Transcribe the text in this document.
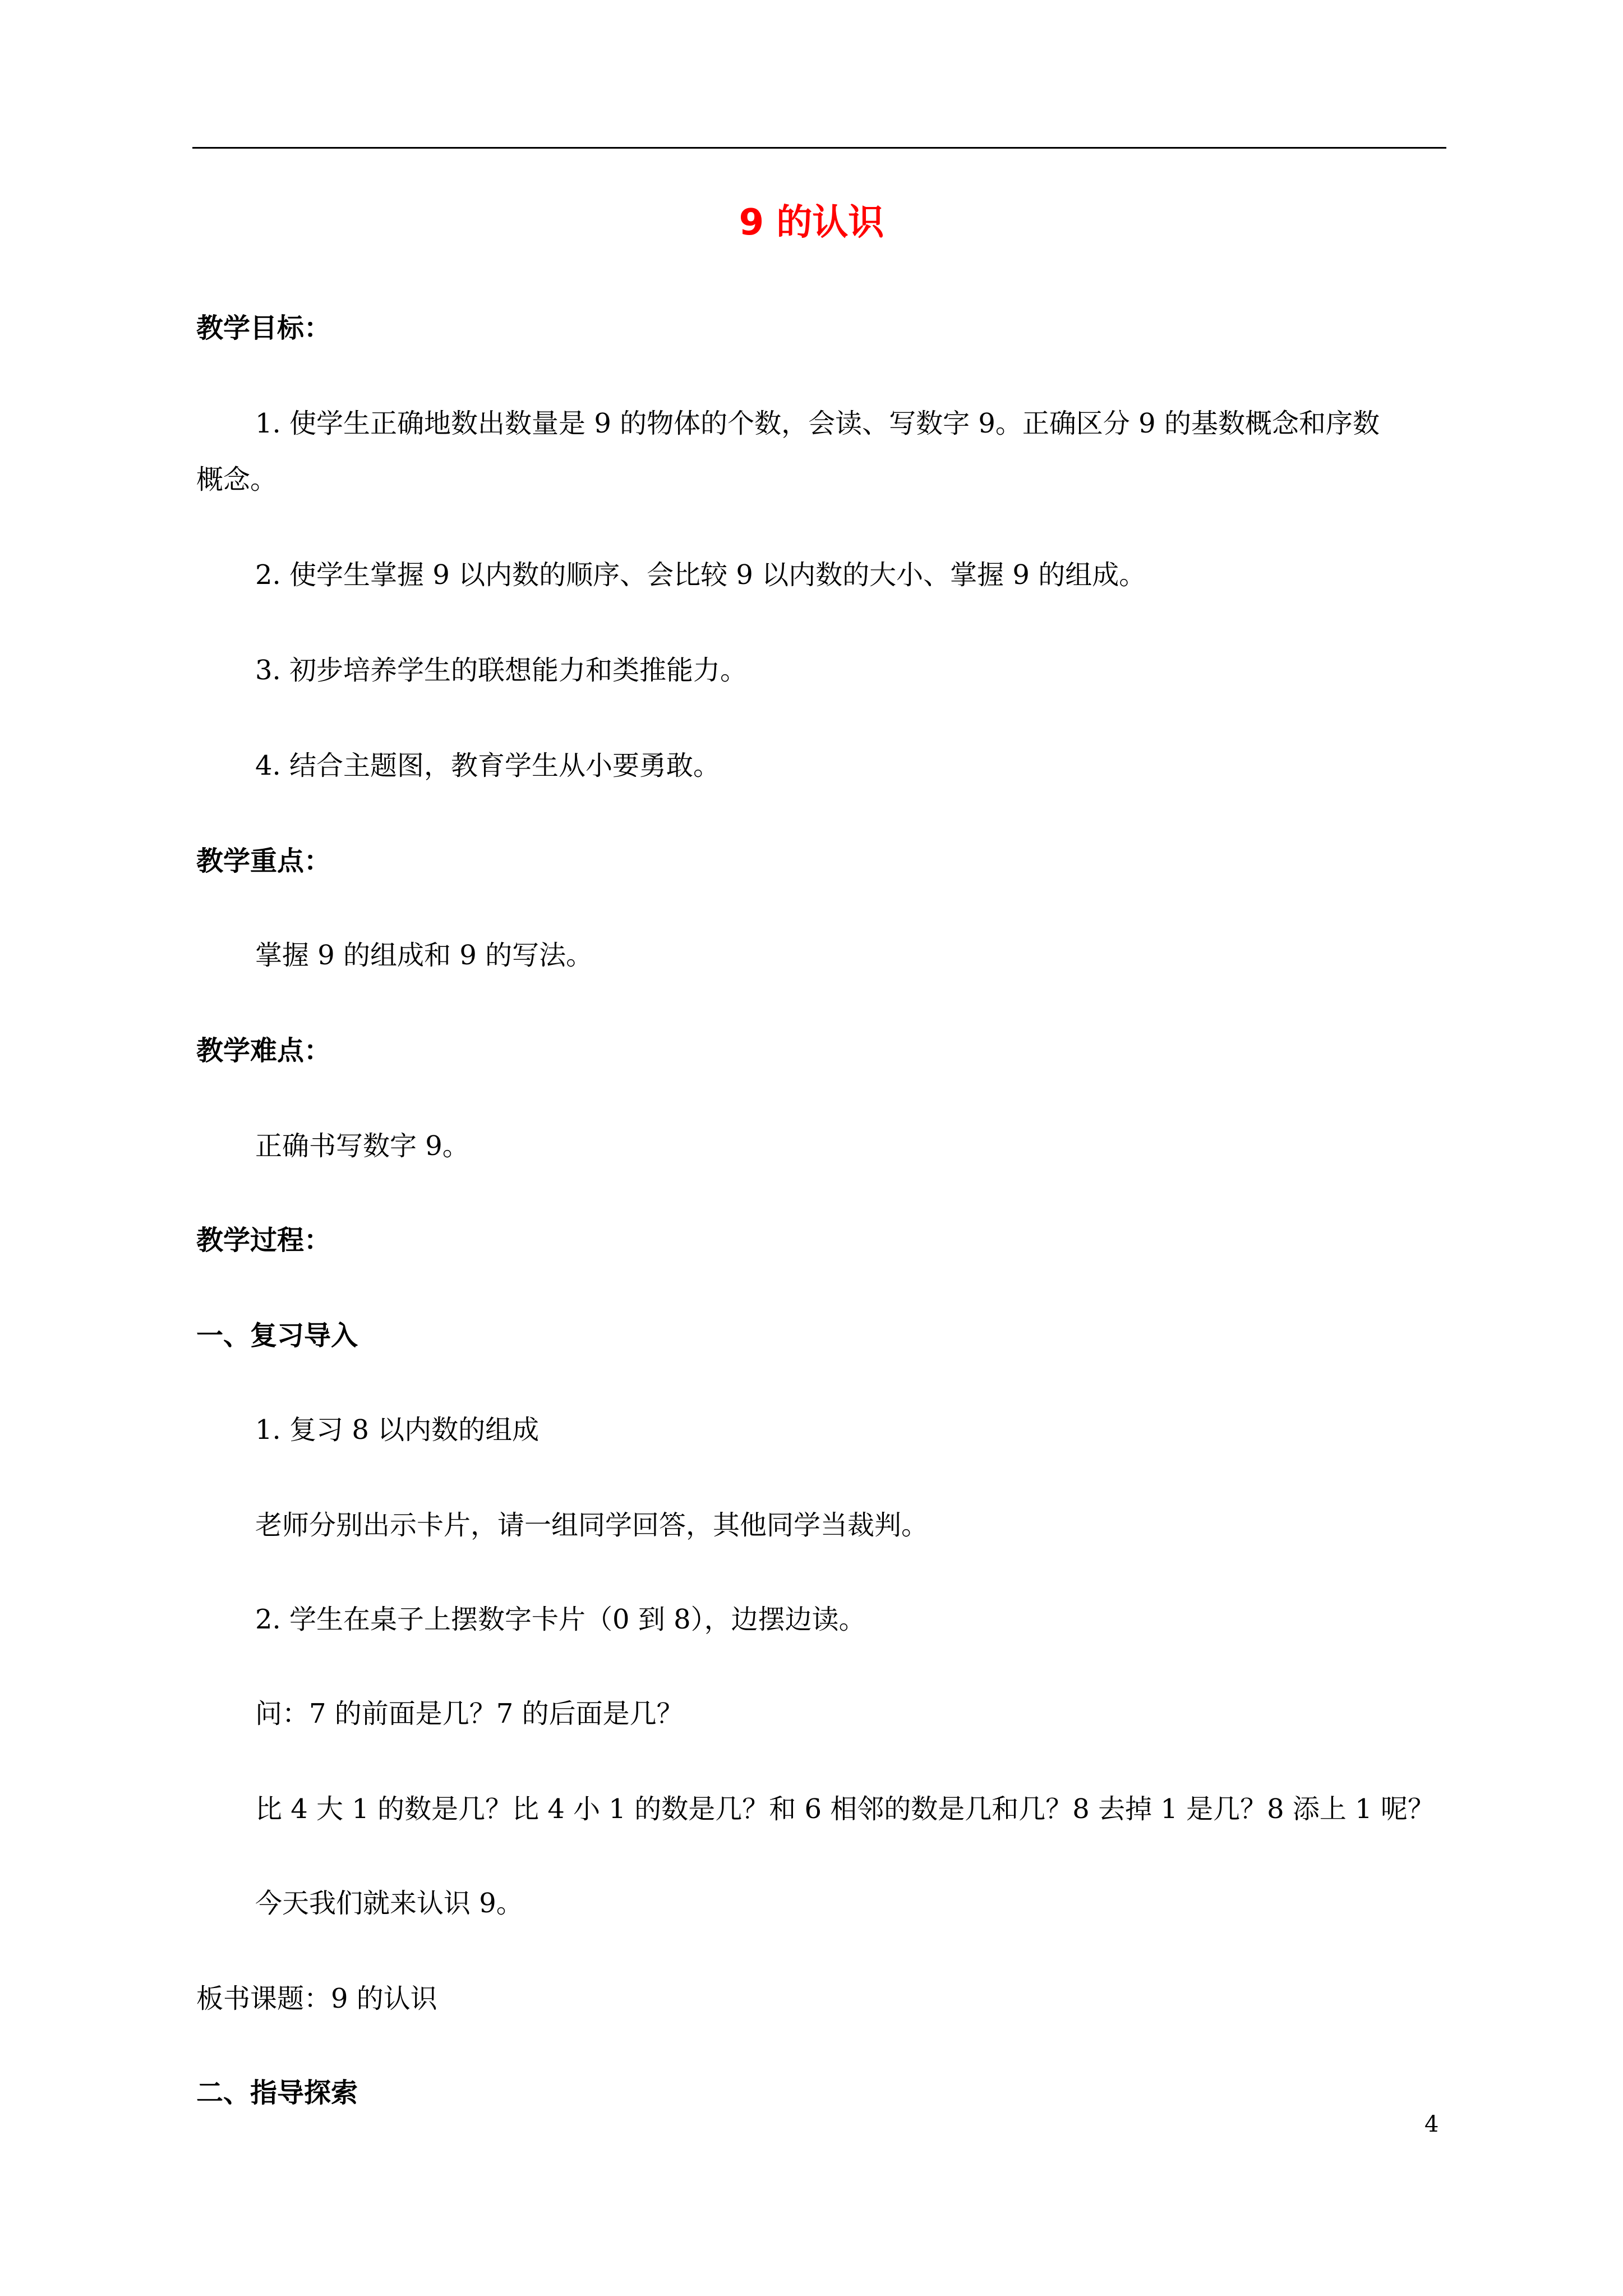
9 的认识

教学目标：

1. 使学生正确地数出数量是 9 的物体的个数，会读、写数字 9。正确区分 9 的基数概念和序数

概念。

2. 使学生掌握 9 以内数的顺序、会比较 9 以内数的大小、掌握 9 的组成。

3. 初步培养学生的联想能力和类推能力。

4. 结合主题图，教育学生从小要勇敢。

教学重点：

掌握 9 的组成和 9 的写法。

教学难点：

正确书写数字 9。

教学过程：

一、复习导入

1. 复习 8 以内数的组成

老师分别出示卡片，请一组同学回答，其他同学当裁判。

2. 学生在桌子上摆数字卡片（0 到 8），边摆边读。

问：7 的前面是几？7 的后面是几？

比 4 大 1 的数是几？比 4 小 1 的数是几？和 6 相邻的数是几和几？8 去掉 1 是几？8 添上 1 呢？

今天我们就来认识 9。

板书课题：9 的认识

二、指导探索

4
